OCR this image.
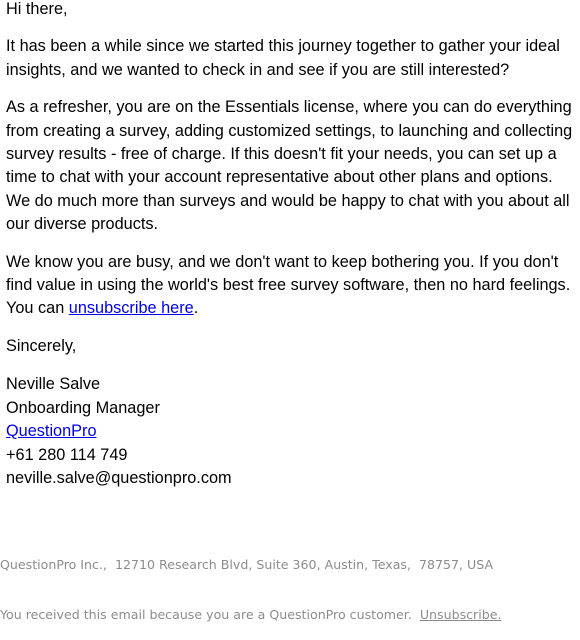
Hi there,

It has been a while since we started this journey together to gather your ideal insights, and we wanted to check in and see if you are still interested?

As a refresher, you are on the Essentials license, where you can do everything from creating a survey, adding customized settings, to launching and collecting survey results - free of charge. If this doesn't fit your needs, you can set up a time to chat with your account representative about other plans and options. We do much more than surveys and would be happy to chat with you about all our diverse products.

We know you are busy, and we don't want to keep bothering you. If you don't find value in using the world's best free survey software, then no hard feelings. You can unsubscribe here.

Sincerely,

Neville Salve
Onboarding Manager
QuestionPro
+61 280 114 749
neville.salve@questionpro.com

QuestionPro Inc.,  12710 Research Blvd, Suite 360, Austin, Texas,  78757, USA

You received this email because you are a QuestionPro customer.  Unsubscribe.
